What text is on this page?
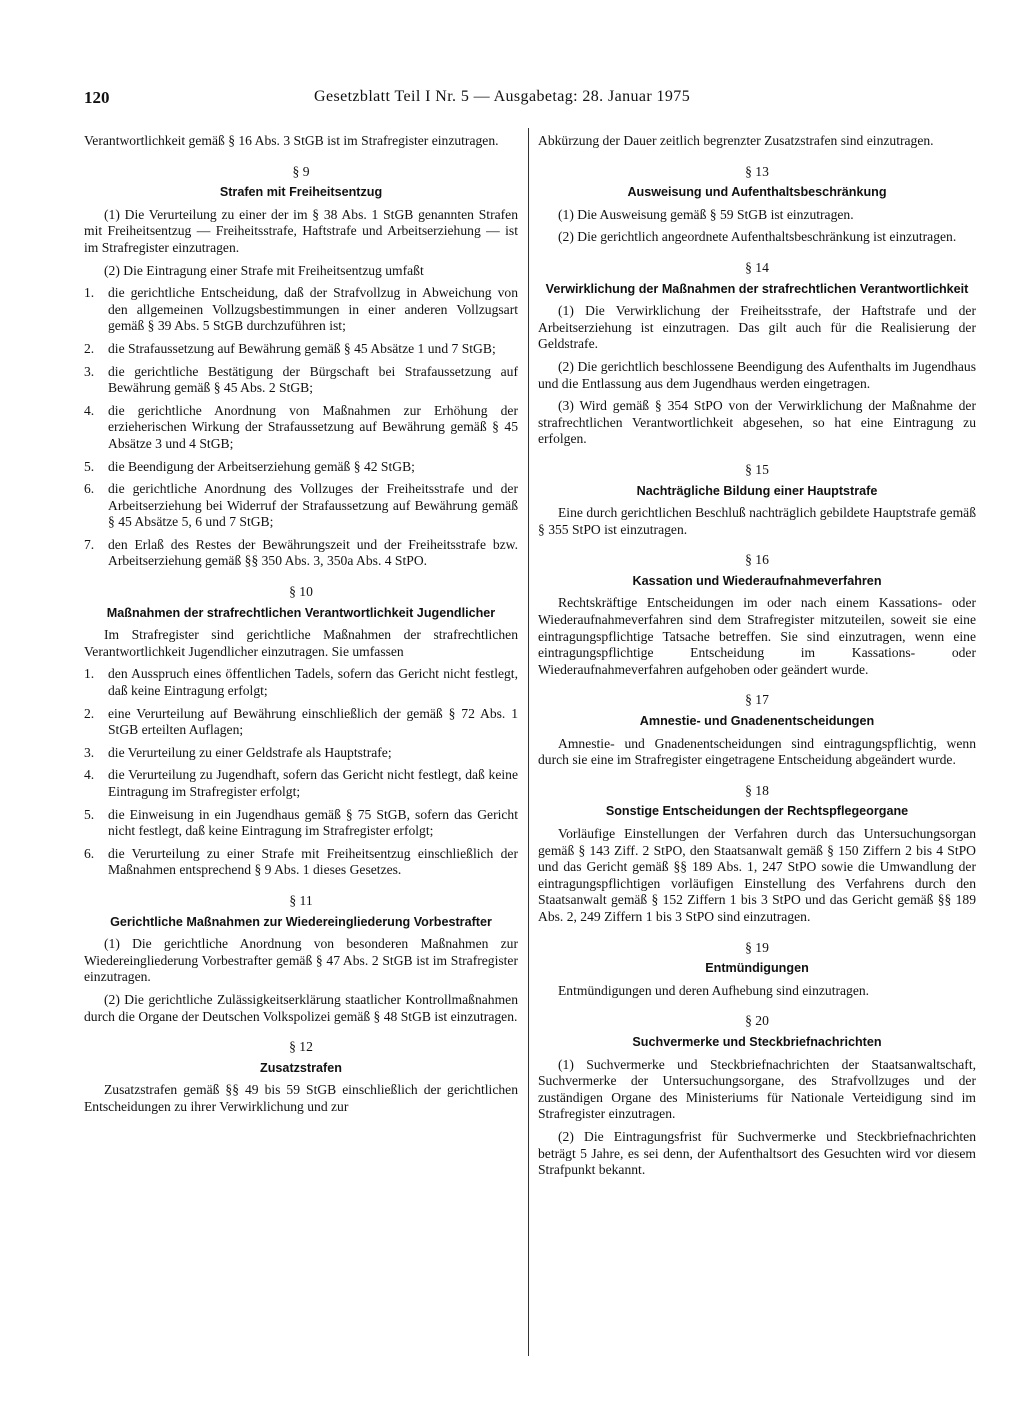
120	Gesetzblatt Teil I Nr. 5 — Ausgabetag: 28. Januar 1975

Verantwortlichkeit gemäß § 16 Abs. 3 StGB ist im Strafregister einzutragen.

§ 9
Strafen mit Freiheitsentzug

(1) Die Verurteilung zu einer der im § 38 Abs. 1 StGB genannten Strafen mit Freiheitsentzug — Freiheitsstrafe, Haftstrafe und Arbeitserziehung — ist im Strafregister einzutragen.

(2) Die Eintragung einer Strafe mit Freiheitsentzug umfaßt

1.	die gerichtliche Entscheidung, daß der Strafvollzug in Abweichung von den allgemeinen Vollzugsbestimmungen in einer anderen Vollzugsart gemäß § 39 Abs. 5 StGB durchzuführen ist;
2.	die Strafaussetzung auf Bewährung gemäß § 45 Absätze 1 und 7 StGB;
3.	die gerichtliche Bestätigung der Bürgschaft bei Strafaussetzung auf Bewährung gemäß § 45 Abs. 2 StGB;
4.	die gerichtliche Anordnung von Maßnahmen zur Erhöhung der erzieherischen Wirkung der Strafaussetzung auf Bewährung gemäß § 45 Absätze 3 und 4 StGB;
5.	die Beendigung der Arbeitserziehung gemäß § 42 StGB;
6.	die gerichtliche Anordnung des Vollzuges der Freiheitsstrafe und der Arbeitserziehung bei Widerruf der Strafaussetzung auf Bewährung gemäß § 45 Absätze 5, 6 und 7 StGB;
7.	den Erlaß des Restes der Bewährungszeit und der Freiheitsstrafe bzw. Arbeitserziehung gemäß §§ 350 Abs. 3, 350a Abs. 4 StPO.
§ 10
Maßnahmen der strafrechtlichen Verantwortlichkeit Jugendlicher

Im Strafregister sind gerichtliche Maßnahmen der strafrechtlichen Verantwortlichkeit Jugendlicher einzutragen. Sie umfassen

1.	den Ausspruch eines öffentlichen Tadels, sofern das Gericht nicht festlegt, daß keine Eintragung erfolgt;
2.	eine Verurteilung auf Bewährung einschließlich der gemäß § 72 Abs. 1 StGB erteilten Auflagen;
3.	die Verurteilung zu einer Geldstrafe als Hauptstrafe;
4.	die Verurteilung zu Jugendhaft, sofern das Gericht nicht festlegt, daß keine Eintragung im Strafregister erfolgt;
5.	die Einweisung in ein Jugendhaus gemäß § 75 StGB, sofern das Gericht nicht festlegt, daß keine Eintragung im Strafregister erfolgt;
6.	die Verurteilung zu einer Strafe mit Freiheitsentzug einschließlich der Maßnahmen entsprechend § 9 Abs. 1 dieses Gesetzes.
§ 11
Gerichtliche Maßnahmen zur Wiedereingliederung Vorbestrafter

(1) Die gerichtliche Anordnung von besonderen Maßnahmen zur Wiedereingliederung Vorbestrafter gemäß § 47 Abs. 2 StGB ist im Strafregister einzutragen.

(2) Die gerichtliche Zulässigkeitserklärung staatlicher Kontrollmaßnahmen durch die Organe der Deutschen Volkspolizei gemäß § 48 StGB ist einzutragen.

§ 12
Zusatzstrafen

Zusatzstrafen gemäß §§ 49 bis 59 StGB einschließlich der gerichtlichen Entscheidungen zu ihrer Verwirklichung und zur

Abkürzung der Dauer zeitlich begrenzter Zusatzstrafen sind einzutragen.

§ 13
Ausweisung und Aufenthaltsbeschränkung

(1) Die Ausweisung gemäß § 59 StGB ist einzutragen.

(2) Die gerichtlich angeordnete Aufenthaltsbeschränkung ist einzutragen.

§ 14
Verwirklichung der Maßnahmen der strafrechtlichen Verantwortlichkeit

(1) Die Verwirklichung der Freiheitsstrafe, der Haftstrafe und der Arbeitserziehung ist einzutragen. Das gilt auch für die Realisierung der Geldstrafe.

(2) Die gerichtlich beschlossene Beendigung des Aufenthalts im Jugendhaus und die Entlassung aus dem Jugendhaus werden eingetragen.

(3) Wird gemäß § 354 StPO von der Verwirklichung der Maßnahme der strafrechtlichen Verantwortlichkeit abgesehen, so hat eine Eintragung zu erfolgen.

§ 15
Nachträgliche Bildung einer Hauptstrafe

Eine durch gerichtlichen Beschluß nachträglich gebildete Hauptstrafe gemäß § 355 StPO ist einzutragen.

§ 16
Kassation und Wiederaufnahmeverfahren

Rechtskräftige Entscheidungen im oder nach einem Kassations- oder Wiederaufnahmeverfahren sind dem Strafregister mitzuteilen, soweit sie eine eintragungspflichtige Tatsache betreffen. Sie sind einzutragen, wenn eine eintragungspflichtige Entscheidung im Kassations- oder Wiederaufnahmeverfahren aufgehoben oder geändert wurde.

§ 17
Amnestie- und Gnadenentscheidungen

Amnestie- und Gnadenentscheidungen sind eintragungspflichtig, wenn durch sie eine im Strafregister eingetragene Entscheidung abgeändert wurde.

§ 18
Sonstige Entscheidungen der Rechtspflegeorgane

Vorläufige Einstellungen der Verfahren durch das Untersuchungsorgan gemäß § 143 Ziff. 2 StPO, den Staatsanwalt gemäß § 150 Ziffern 2 bis 4 StPO und das Gericht gemäß §§ 189 Abs. 1, 247 StPO sowie die Umwandlung der eintragungspflichtigen vorläufigen Einstellung des Verfahrens durch den Staatsanwalt gemäß § 152 Ziffern 1 bis 3 StPO und das Gericht gemäß §§ 189 Abs. 2, 249 Ziffern 1 bis 3 StPO sind einzutragen.

§ 19
Entmündigungen

Entmündigungen und deren Aufhebung sind einzutragen.

§ 20
Suchvermerke und Steckbriefnachrichten

(1) Suchvermerke und Steckbriefnachrichten der Staatsanwaltschaft, Suchvermerke der Untersuchungsorgane, des Strafvollzuges und der zuständigen Organe des Ministeriums für Nationale Verteidigung sind im Strafregister einzutragen.

(2) Die Eintragungsfrist für Suchvermerke und Steckbriefnachrichten beträgt 5 Jahre, es sei denn, der Aufenthaltsort des Gesuchten wird vor diesem Strafpunkt bekannt.
